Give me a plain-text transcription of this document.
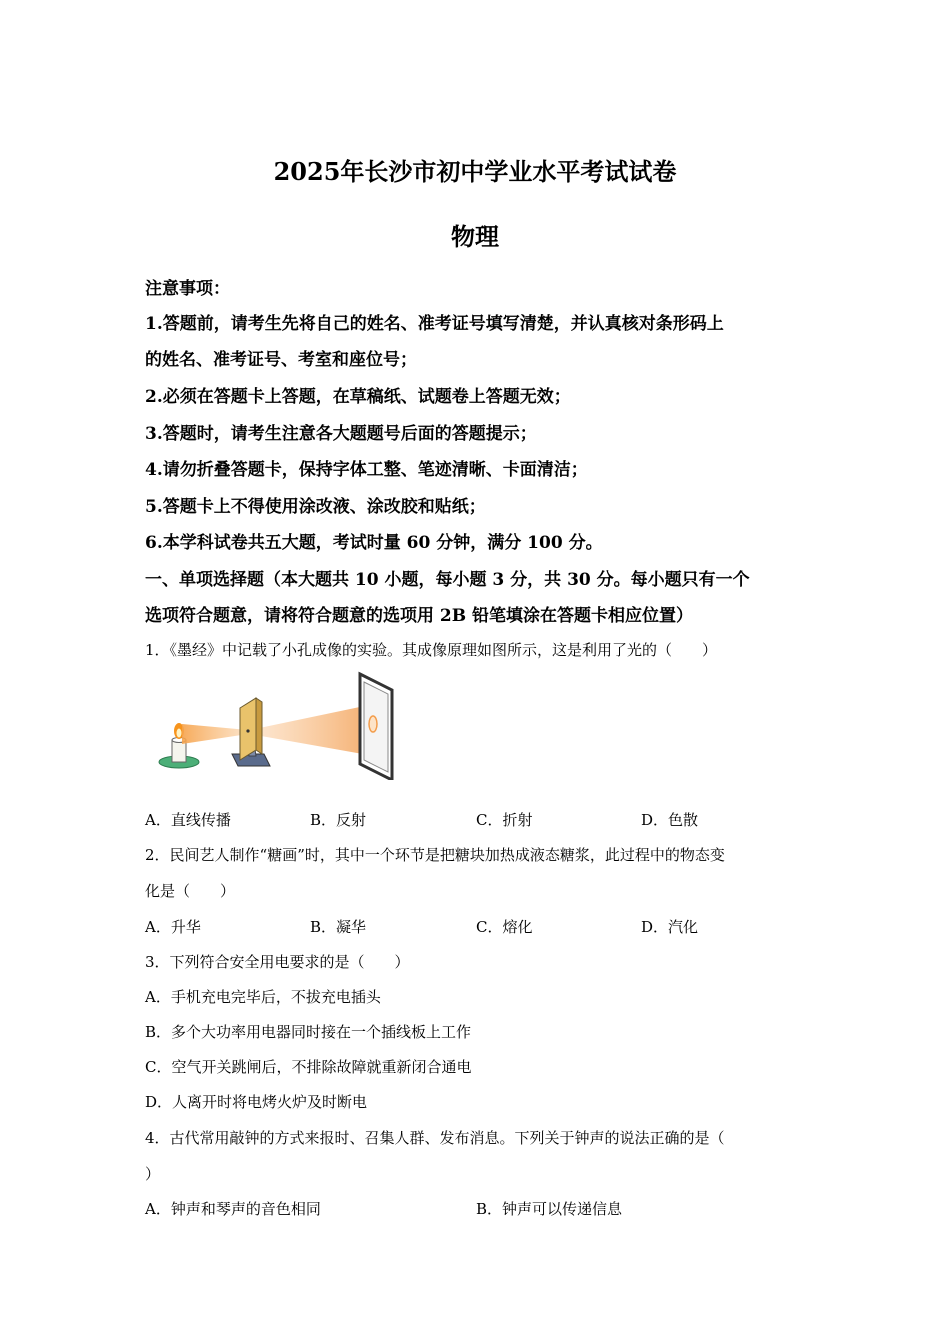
2025年长沙市初中学业水平考试试卷
物理
注意事项：
1.答题前，请考生先将自己的姓名、准考证号填写清楚，并认真核对条形码上
的姓名、准考证号、考室和座位号；
2.必须在答题卡上答题，在草稿纸、试题卷上答题无效；
3.答题时，请考生注意各大题题号后面的答题提示；
4.请勿折叠答题卡，保持字体工整、笔迹清晰、卡面清洁；
5.答题卡上不得使用涂改液、涂改胶和贴纸；
6.本学科试卷共五大题，考试时量 60 分钟，满分 100 分。
一、单项选择题（本大题共 10 小题，每小题 3 分，共 30 分。每小题只有一个
选项符合题意，请将符合题意的选项用 2B 铅笔填涂在答题卡相应位置）
1．《墨经》中记载了小孔成像的实验。其成像原理如图所示，这是利用了光的（　　）
A．直线传播	B．反射	C．折射	D．色散
2．民间艺人制作“糖画”时，其中一个环节是把糖块加热成液态糖浆，此过程中的物态变
化是（　　）
A．升华	B．凝华	C．熔化	D．汽化
3．下列符合安全用电要求的是（　　）
A．手机充电完毕后，不拔充电插头
B．多个大功率用电器同时接在一个插线板上工作
C．空气开关跳闸后，不排除故障就重新闭合通电
D．人离开时将电烤火炉及时断电
4．古代常用敲钟的方式来报时、召集人群、发布消息。下列关于钟声的说法正确的是（
）
A．钟声和琴声的音色相同	B．钟声可以传递信息
